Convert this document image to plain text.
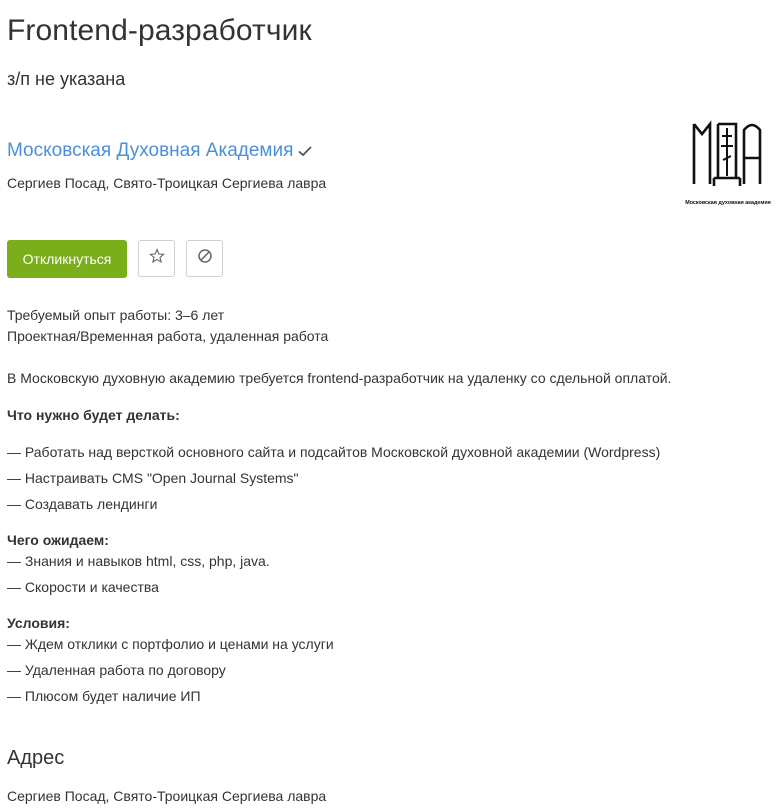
Frontend-разработчик
з/п не указана
Московская Духовная Академия
Сергиев Посад, Свято-Троицкая Сергиева лавра
Московская духовная академия
Откликнуться
Требуемый опыт работы: 3–6 лет
Проектная/Временная работа, удаленная работа
В Московскую духовную академию требуется frontend-разработчик на удаленку со сдельной оплатой.
Что нужно будет делать:
— Работать над версткой основного сайта и подсайтов Московской духовной академии (Wordpress)
— Настраивать CMS "Open Journal Systems"
— Создавать лендинги
Чего ожидаем:
— Знания и навыков html, css, php, java.
— Скорости и качества
Условия:
— Ждем отклики с портфолио и ценами на услуги
— Удаленная работа по договору
— Плюсом будет наличие ИП
Адрес
Сергиев Посад, Свято-Троицкая Сергиева лавра
